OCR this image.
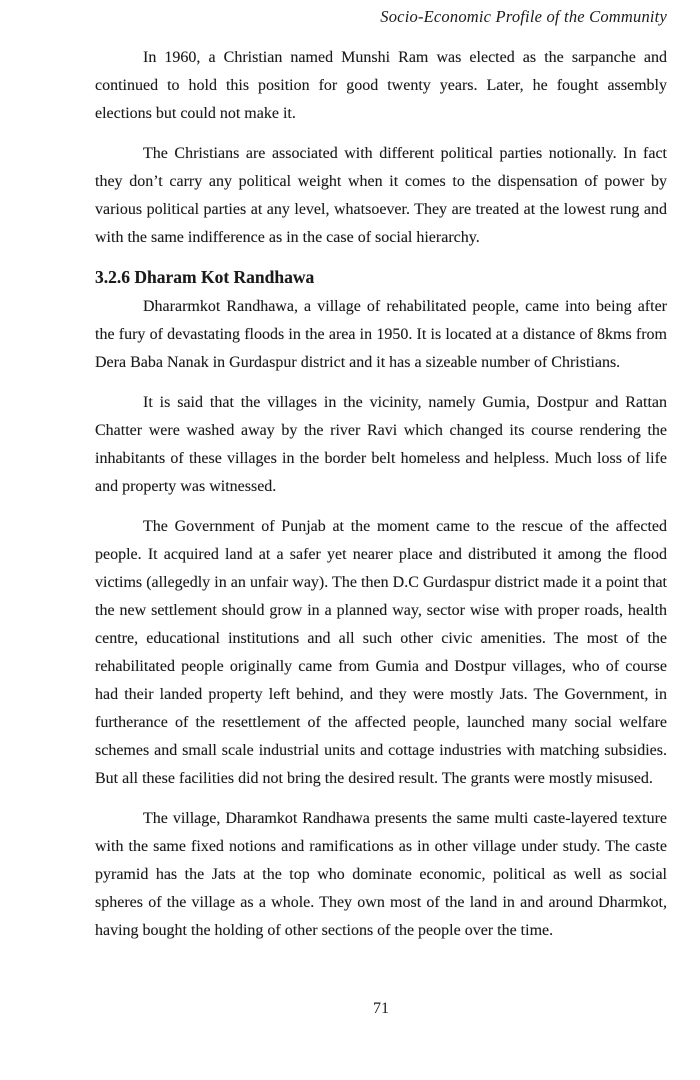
Socio-Economic Profile of the Community

In 1960, a Christian named Munshi Ram was elected as the sarpanche and continued to hold this position for good twenty years. Later, he fought assembly elections but could not make it.

The Christians are associated with different political parties notionally. In fact they don’t carry any political weight when it comes to the dispensation of power by various political parties at any level, whatsoever. They are treated at the lowest rung and with the same indifference as in the case of social hierarchy.

3.2.6 Dharam Kot Randhawa

Dhararmkot Randhawa, a village of rehabilitated people, came into being after the fury of devastating floods in the area in 1950. It is located at a distance of 8kms from Dera Baba Nanak in Gurdaspur district and it has a sizeable number of Christians.

It is said that the villages in the vicinity, namely Gumia, Dostpur and Rattan Chatter were washed away by the river Ravi which changed its course rendering the inhabitants of these villages in the border belt homeless and helpless. Much loss of life and property was witnessed.

The Government of Punjab at the moment came to the rescue of the affected people. It acquired land at a safer yet nearer place and distributed it among the flood victims (allegedly in an unfair way). The then D.C Gurdaspur district made it a point that the new settlement should grow in a planned way, sector wise with proper roads, health centre, educational institutions and all such other civic amenities. The most of the rehabilitated people originally came from Gumia and Dostpur villages, who of course had their landed property left behind, and they were mostly Jats. The Government, in furtherance of the resettlement of the affected people, launched many social welfare schemes and small scale industrial units and cottage industries with matching subsidies. But all these facilities did not bring the desired result. The grants were mostly misused.

The village, Dharamkot Randhawa presents the same multi caste-layered texture with the same fixed notions and ramifications as in other village under study. The caste pyramid has the Jats at the top who dominate economic, political as well as social spheres of the village as a whole. They own most of the land in and around Dharmkot, having bought the holding of other sections of the people over the time.

71
